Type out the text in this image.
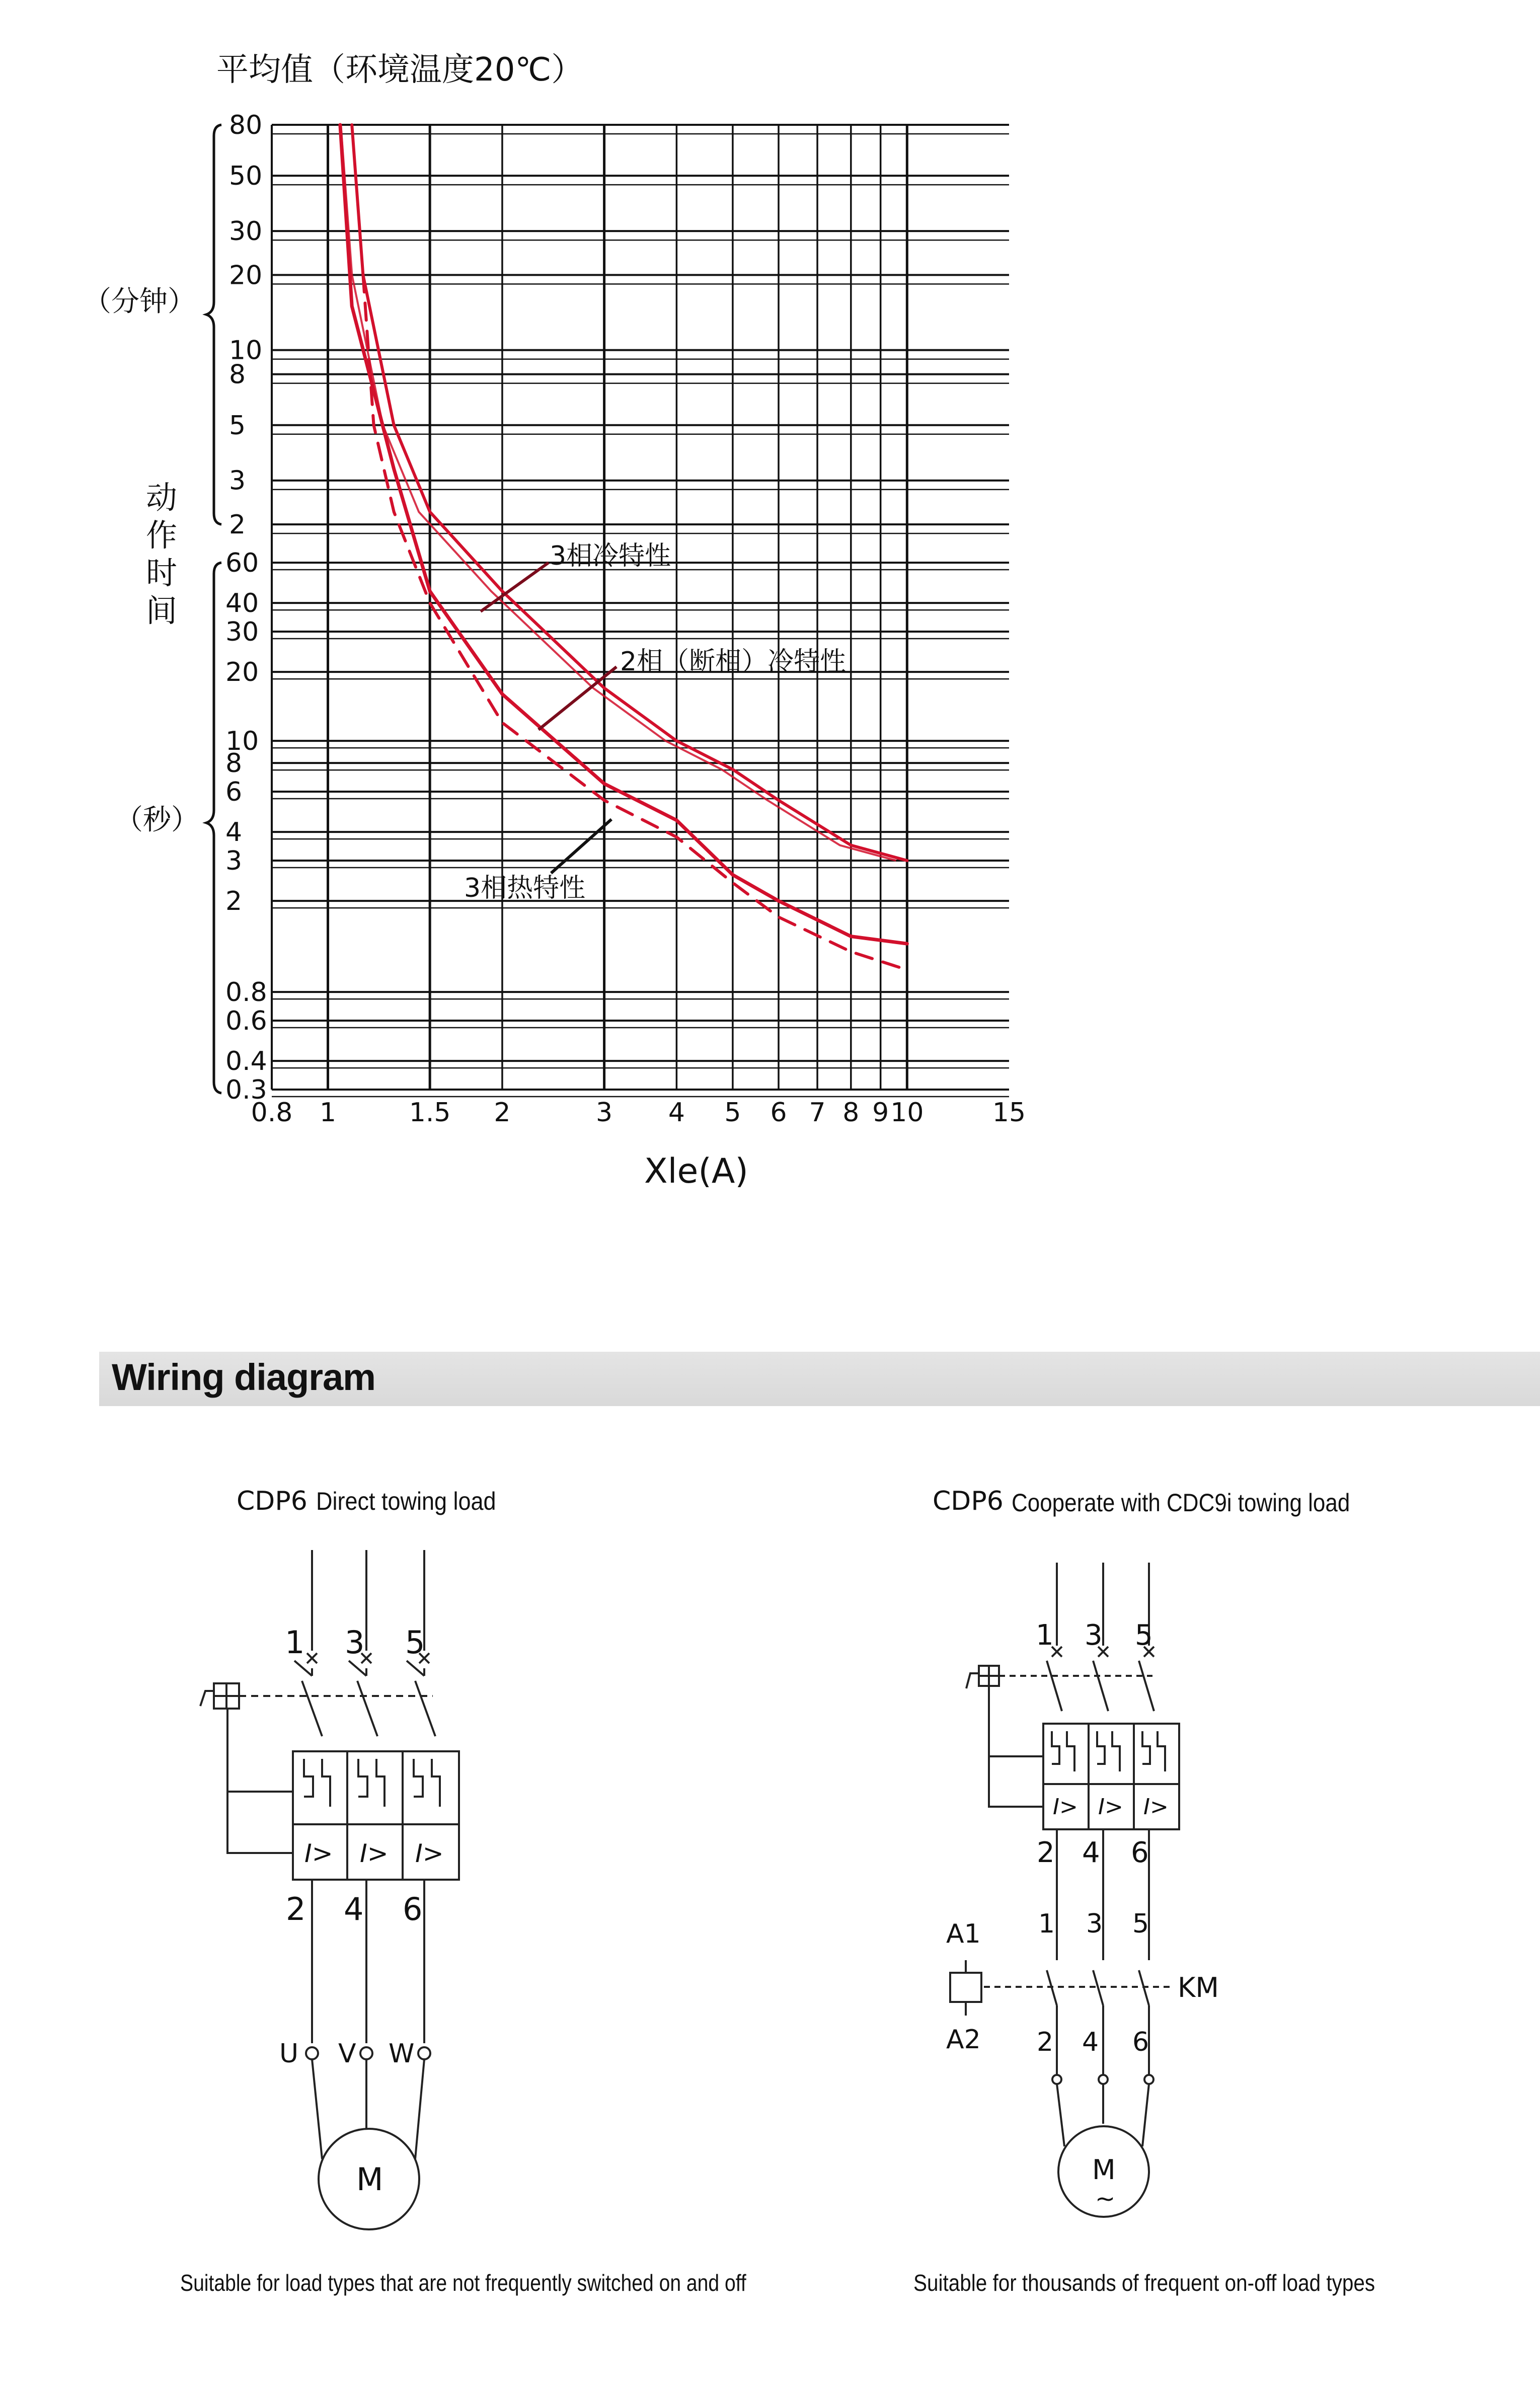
Wiring diagram
平均值（环境温度20℃）
0.8 1	1.5 2	3 4 5 6 7 8 9 10	15
80
50
30
20
10
8
5
3
2
60
40
30
20
10
8
6
4
3
2
0.8
0.6
0.4
0.3
（分钟）
（秒）
动
作
时
间
Xle(A)
3相冷特性
2相（断相）冷特性
3相热特性
CDP6 Direct towing load
1 3 5
I> I> I>
2 4 6
U V W
M
Suitable for load types that are not frequently switched on and off
CDP6 Cooperate with CDC9i towing load
1 3 5
I> I> I>
2 4 6
1 3 5
KM
A1
A2 2 4 6
M
~
Suitable for thousands of frequent on-off load types
